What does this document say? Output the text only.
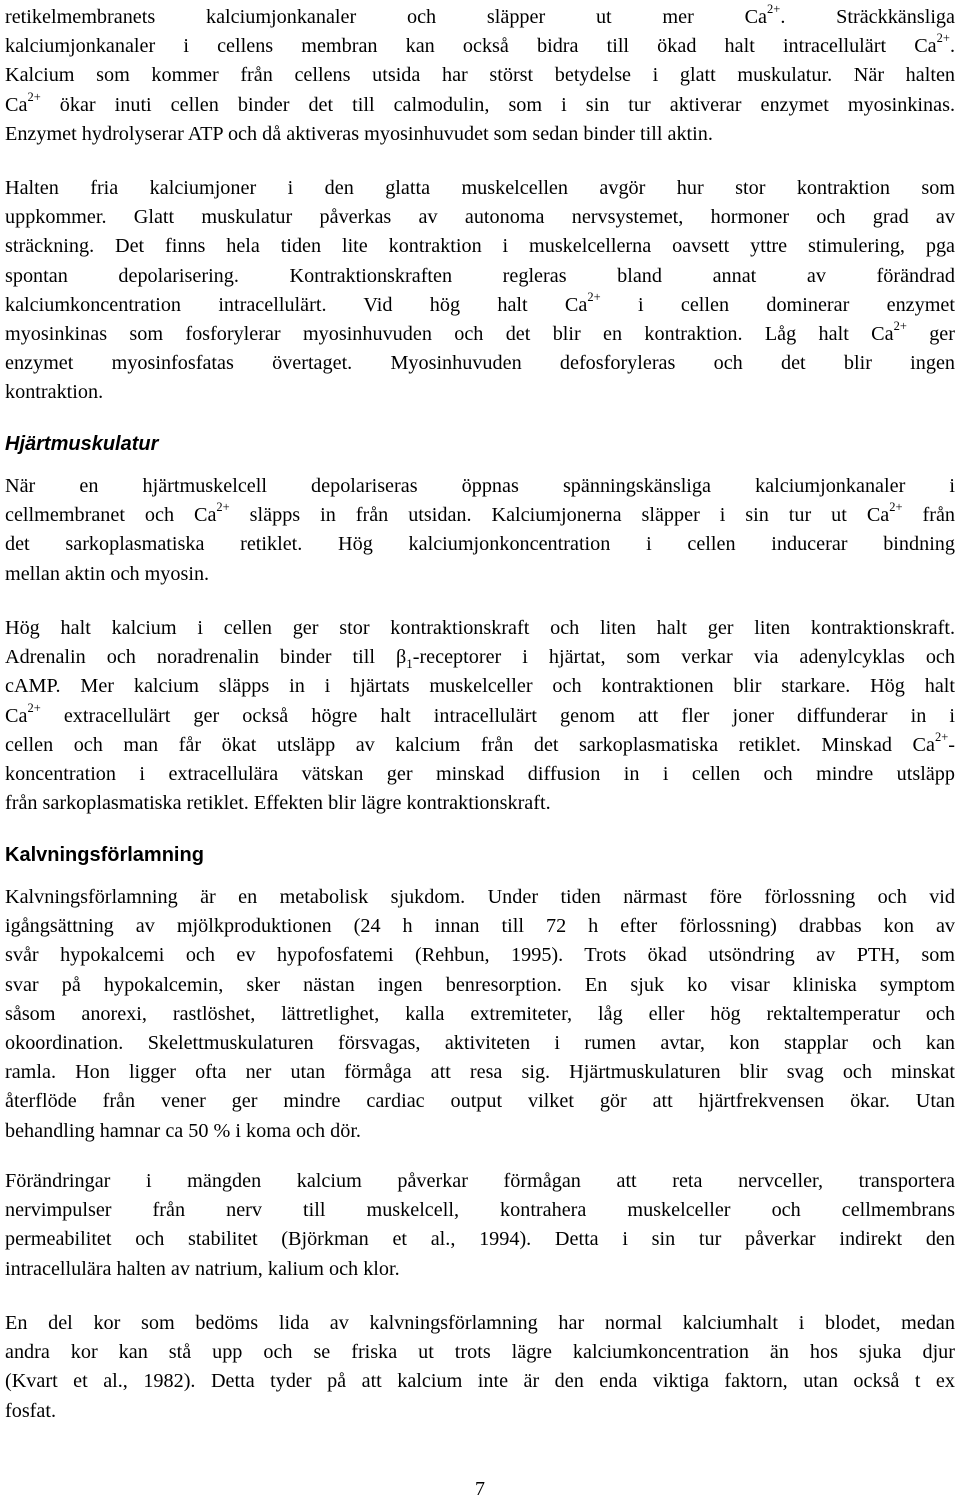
retikelmembranets kalciumjonkanaler och släpper ut mer $Ca^{2+}$. Sträckkänsliga
kalciumjonkanaler i cellens membran kan också bidra till ökad halt intracellulärt $Ca^{2+}$.
Kalcium som kommer från cellens utsida har störst betydelse i glatt muskulatur. När halten
$Ca^{2+}$ ökar inuti cellen binder det till calmodulin, som i sin tur aktiverar enzymet myosinkinas.
Enzymet hydrolyserar ATP och då aktiveras myosinhuvudet som sedan binder till aktin.
Halten fria kalciumjoner i den glatta muskelcellen avgör hur stor kontraktion som
uppkommer. Glatt muskulatur påverkas av autonoma nervsystemet, hormoner och grad av
sträckning. Det finns hela tiden lite kontraktion i muskelcellerna oavsett yttre stimulering, pga
spontan depolarisering. Kontraktionskraften regleras bland annat av förändrad
kalciumkoncentration intracellulärt. Vid hög halt $Ca^{2+}$ i cellen dominerar enzymet
myosinkinas som fosforylerar myosinhuvuden och det blir en kontraktion. Låg halt $Ca^{2+}$ ger
enzymet myosinfosfatas övertaget. Myosinhuvuden defosforyleras och det blir ingen
kontraktion.
Hjärtmuskulatur
När en hjärtmuskelcell depolariseras öppnas spänningskänsliga kalciumjonkanaler i
cellmembranet och $Ca^{2+}$ släpps in från utsidan. Kalciumjonerna släpper i sin tur ut $Ca^{2+}$ från
det sarkoplasmatiska retiklet. Hög kalciumjonkoncentration i cellen inducerar bindning
mellan aktin och myosin.
Hög halt kalcium i cellen ger stor kontraktionskraft och liten halt ger liten kontraktionskraft.
Adrenalin och noradrenalin binder till $\beta_1$-receptorer i hjärtat, som verkar via adenylcyklas och
cAMP. Mer kalcium släpps in i hjärtats muskelceller och kontraktionen blir starkare. Hög halt
$Ca^{2+}$ extracellulärt ger också högre halt intracellulärt genom att fler joner diffunderar in i
cellen och man får ökat utsläpp av kalcium från det sarkoplasmatiska retiklet. Minskad $Ca^{2+}-$
koncentration i extracellulära vätskan ger minskad diffusion in i cellen och mindre utsläpp
från sarkoplasmatiska retiklet. Effekten blir lägre kontraktionskraft.
Kalvningsförlamning
Kalvningsförlamning är en metabolisk sjukdom. Under tiden närmast före förlossning och vid
igångsättning av mjölkproduktionen (24 h innan till 72 h efter förlossning) drabbas kon av
svår hypokalcemi och ev hypofosfatemi (Rehbun, 1995). Trots ökad utsöndring av PTH, som
svar på hypokalcemin, sker nästan ingen benresorption. En sjuk ko visar kliniska symptom
såsom anorexi, rastlöshet, lättretlighet, kalla extremiteter, låg eller hög rektaltemperatur och
okoordination. Skelettmuskulaturen försvagas, aktiviteten i rumen avtar, kon stapplar och kan
ramla. Hon ligger ofta ner utan förmåga att resa sig. Hjärtmuskulaturen blir svag och minskat
återflöde från vener ger mindre cardiac output vilket gör att hjärtfrekvensen ökar. Utan
behandling hamnar ca 50 % i koma och dör.
Förändringar i mängden kalcium påverkar förmågan att reta nervceller, transportera
nervimpulser från nerv till muskelcell, kontrahera muskelceller och cellmembrans
permeabilitet och stabilitet (Björkman et al., 1994). Detta i sin tur påverkar indirekt den
intracellulära halten av natrium, kalium och klor.
En del kor som bedöms lida av kalvningsförlamning har normal kalciumhalt i blodet, medan
andra kor kan stå upp och se friska ut trots lägre kalciumkoncentration än hos sjuka djur
(Kvart et al., 1982). Detta tyder på att kalcium inte är den enda viktiga faktorn, utan också t ex
fosfat.
7
